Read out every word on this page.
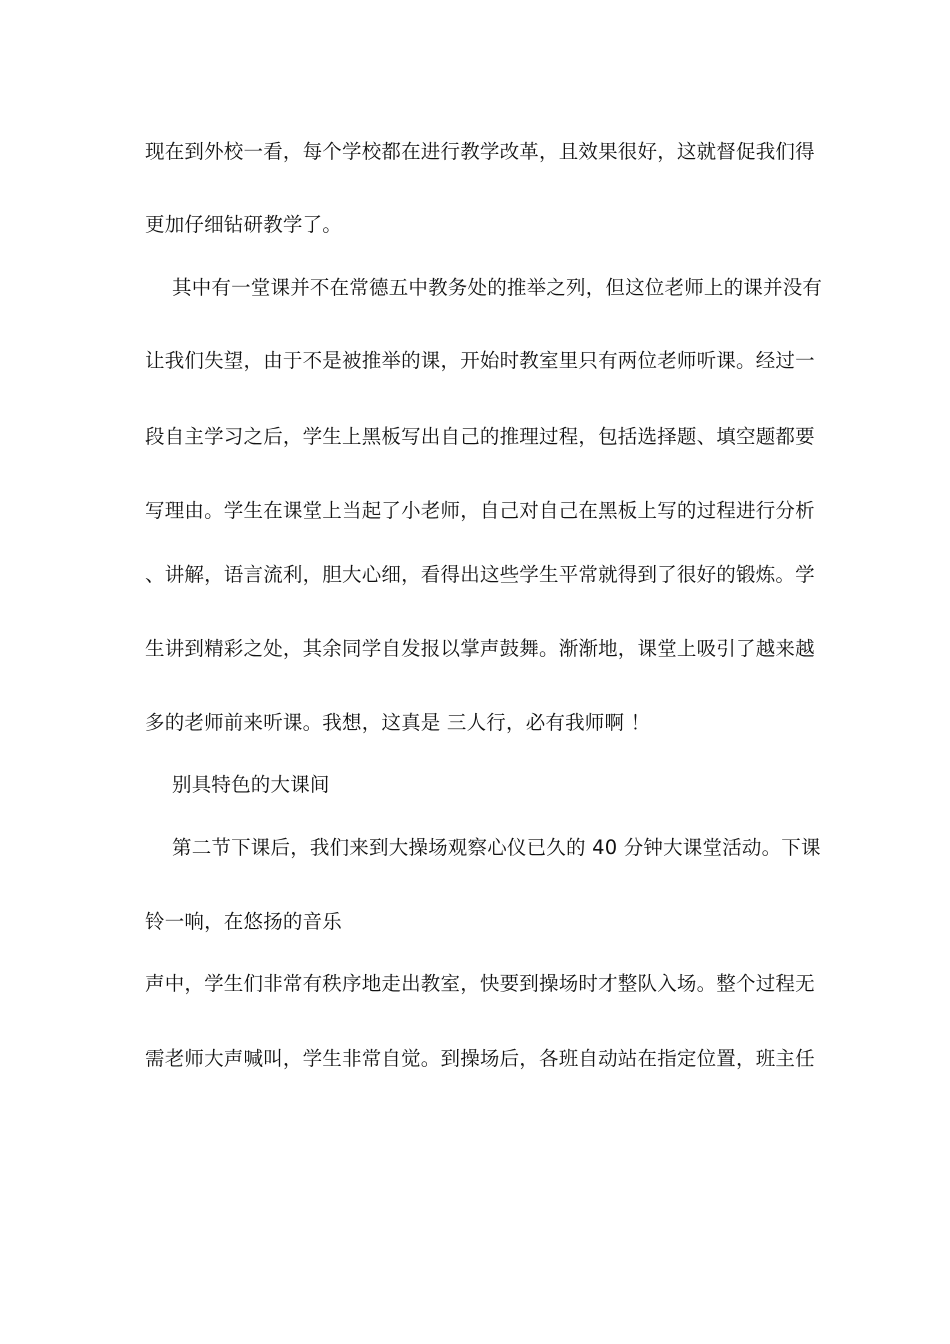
现在到外校一看，每个学校都在进行教学改革，且效果很好，这就督促我们得
更加仔细钻研教学了。
其中有一堂课并不在常德五中教务处的推举之列，但这位老师上的课并没有
让我们失望，由于不是被推举的课，开始时教室里只有两位老师听课。经过一
段自主学习之后，学生上黑板写出自己的推理过程，包括选择题、填空题都要
写理由。学生在课堂上当起了小老师，自己对自己在黑板上写的过程进行分析
、讲解，语言流利，胆大心细，看得出这些学生平常就得到了很好的锻炼。学
生讲到精彩之处，其余同学自发报以掌声鼓舞。渐渐地，课堂上吸引了越来越
多的老师前来听课。我想，这真是 三人行，必有我师啊 ！
别具特色的大课间
第二节下课后，我们来到大操场观察心仪已久的 40 分钟大课堂活动。下课
铃一响，在悠扬的音乐
声中，学生们非常有秩序地走出教室，快要到操场时才整队入场。整个过程无
需老师大声喊叫，学生非常自觉。到操场后，各班自动站在指定位置，班主任
